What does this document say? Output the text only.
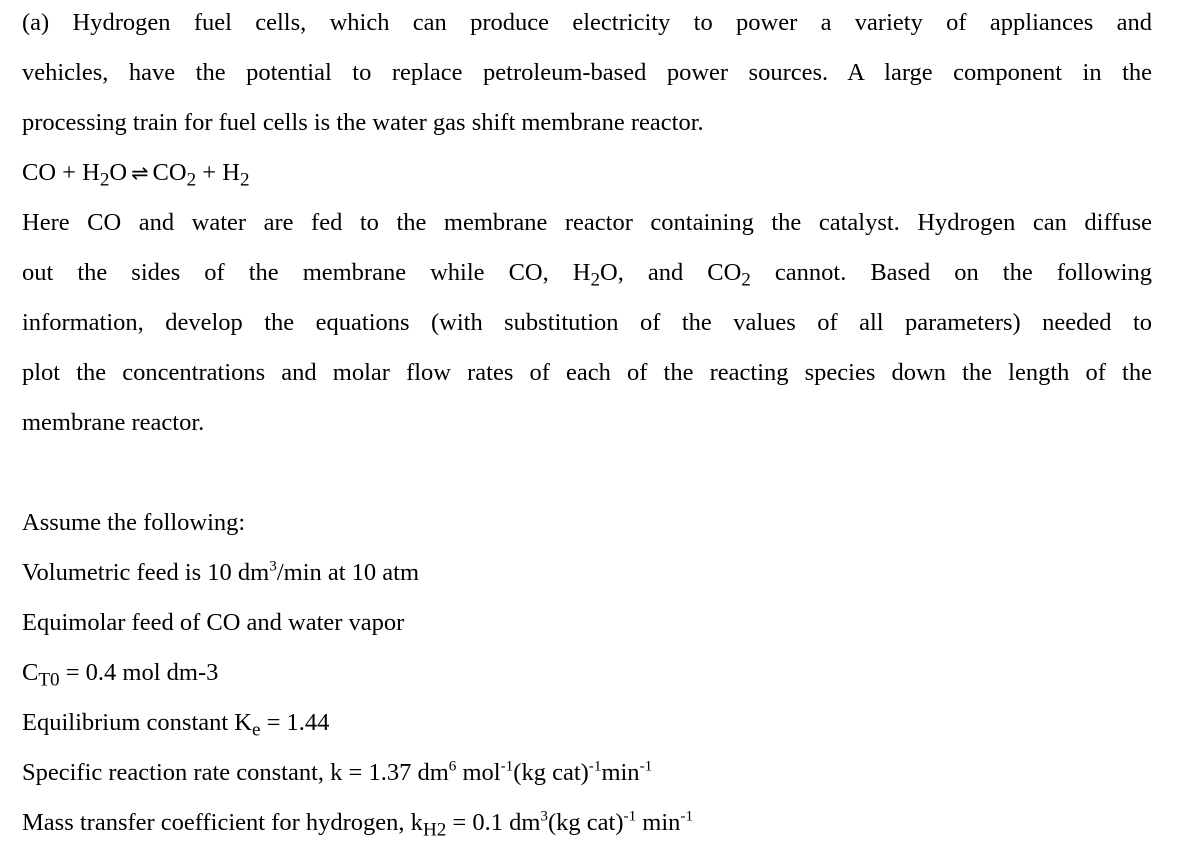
(a) Hydrogen fuel cells, which can produce electricity to power a variety of appliances and
vehicles, have the potential to replace petroleum-based power sources. A large component in the
processing train for fuel cells is the water gas shift membrane reactor.
CO + $H_2O$ ⇌ $CO_2 + H_2$
Here CO and water are fed to the membrane reactor containing the catalyst. Hydrogen can diffuse
out the sides of the membrane while CO, $H_2O$, and $CO_2$ cannot. Based on the following
information, develop the equations (with substitution of the values of all parameters) needed to
plot the concentrations and molar flow rates of each of the reacting species down the length of the
membrane reactor.
Assume the following:
Volumetric feed is 10 $dm^3/\min$ at 10 atm
Equimolar feed of CO and water vapor
$C_{T0} = 0.4$ mol dm-3
Equilibrium constant $K_e = 1.44$
Specific reaction rate constant, k = 1.37 $dm^6$ mol$^{-1}$(kg $cat)^{-1}\min^{-1}$
Mass transfer coefficient for hydrogen, $k_{H2} = 0.1$ $dm^3(kg$ cat)$^{-1}$ $\min^{-1}$
